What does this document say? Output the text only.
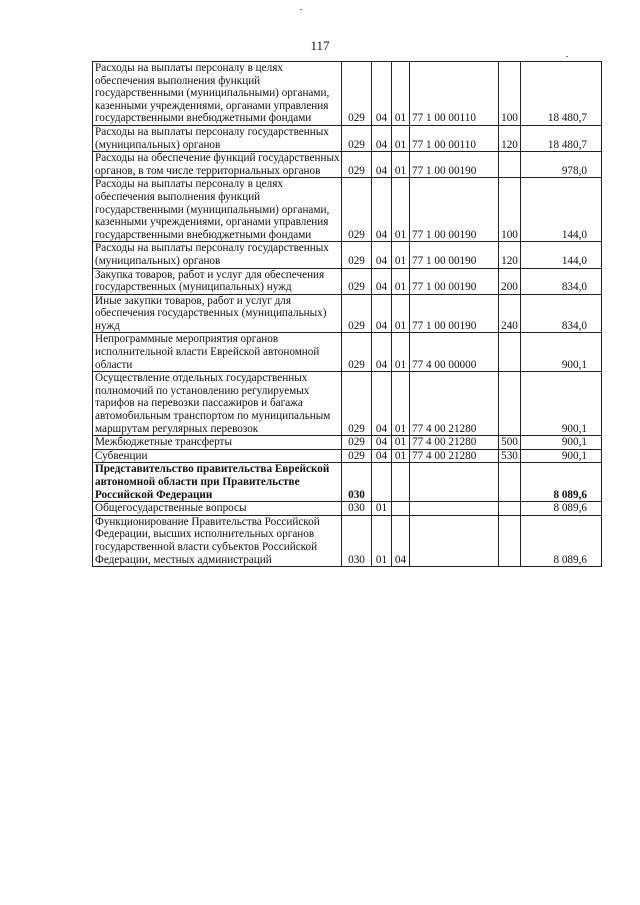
117
Расходы на выплаты персоналу в целях обеспечения выполнения функций государственными (муниципальными) органами, казенными учреждениями, органами управления государственными внебюджетными фондами	029	04	01	77 1 00 00110	100	18 480,7
Расходы на выплаты персоналу государственных (муниципальных) органов	029	04	01	77 1 00 00110	120	18 480,7
Расходы на обеспечение функций государственных органов, в том числе территориальных органов	029	04	01	77 1 00 00190		978,0
Расходы на выплаты персоналу в целях обеспечения выполнения функций государственными (муниципальными) органами, казенными учреждениями, органами управления государственными внебюджетными фондами	029	04	01	77 1 00 00190	100	144,0
Расходы на выплаты персоналу государственных (муниципальных) органов	029	04	01	77 1 00 00190	120	144,0
Закупка товаров, работ и услуг для обеспечения государственных (муниципальных) нужд	029	04	01	77 1 00 00190	200	834,0
Иные закупки товаров, работ и услуг для обеспечения государственных (муниципальных) нужд	029	04	01	77 1 00 00190	240	834,0
Непрограммные мероприятия органов исполнительной власти Еврейской автономной области	029	04	01	77 4 00 00000		900,1
Осуществление отдельных государственных полномочий по установлению регулируемых тарифов на перевозки пассажиров и багажа автомобильным транспортом по муниципальным маршрутам регулярных перевозок	029	04	01	77 4 00 21280		900,1
Межбюджетные трансферты	029	04	01	77 4 00 21280	500	900,1
Субвенции	029	04	01	77 4 00 21280	530	900,1
Представительство правительства Еврейской автономной области при Правительстве Российской Федерации	030					8 089,6
Общегосударственные вопросы	030	01				8 089,6
Функционирование Правительства Российской Федерации, высших исполнительных органов государственной власти субъектов Российской Федерации, местных администраций	030	01	04			8 089,6
